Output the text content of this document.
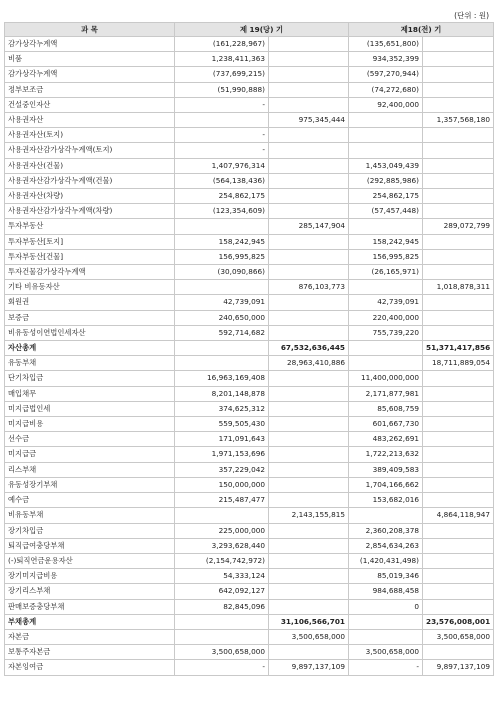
(단위 : 원)
과 목	제 19(당) 기		제18(전) 기	
감가상각누계액	(161,228,967)		(135,651,800)	
비품	1,238,411,363		934,352,399	
감가상각누계액	(737,699,215)		(597,270,944)	
정부보조금	(51,990,888)		(74,272,680)	
건설중인자산	-		92,400,000	
사용권자산		975,345,444		1,357,568,180
사용권자산(토지)	-			
사용권자산감가상각누계액(토지)	-			
사용권자산(건물)	1,407,976,314		1,453,049,439	
사용권자산감가상각누계액(건물)	(564,138,436)		(292,885,986)	
사용권자산(차량)	254,862,175		254,862,175	
사용권자산감가상각누계액(차량)	(123,354,609)		(57,457,448)	
투자부동산		285,147,904		289,072,799
투자부동산[토지]	158,242,945		158,242,945	
투자부동산[건물]	156,995,825		156,995,825	
투자건물감가상각누계액	(30,090,866)		(26,165,971)	
기타 비유동자산		876,103,773		1,018,878,311
회원권	42,739,091		42,739,091	
보증금	240,650,000		220,400,000	
비유동성이연법인세자산	592,714,682		755,739,220	
자산총계		67,532,636,445		51,371,417,856
유동부채		28,963,410,886		18,711,889,054
단기차입금	16,963,169,408		11,400,000,000	
매입채무	8,201,148,878		2,171,877,981	
미지급법인세	374,625,312		85,608,759	
미지급비용	559,505,430		601,667,730	
선수금	171,091,643		483,262,691	
미지급금	1,971,153,696		1,722,213,632	
리스부채	357,229,042		389,409,583	
유동성장기부채	150,000,000		1,704,166,662	
예수금	215,487,477		153,682,016	
비유동부채		2,143,155,815		4,864,118,947
장기차입금	225,000,000		2,360,208,378	
퇴직급여충당부채	3,293,628,440		2,854,634,263	
(-)퇴직연금운용자산	(2,154,742,972)		(1,420,431,498)	
장기미지급비용	54,333,124		85,019,346	
장기리스부채	642,092,127		984,688,458	
판매보증충당부채	82,845,096		0	
부채총계		31,106,566,701		23,576,008,001
자본금		3,500,658,000		3,500,658,000
보통주자본금	3,500,658,000		3,500,658,000	
자본잉여금	-	9,897,137,109	-	9,897,137,109
